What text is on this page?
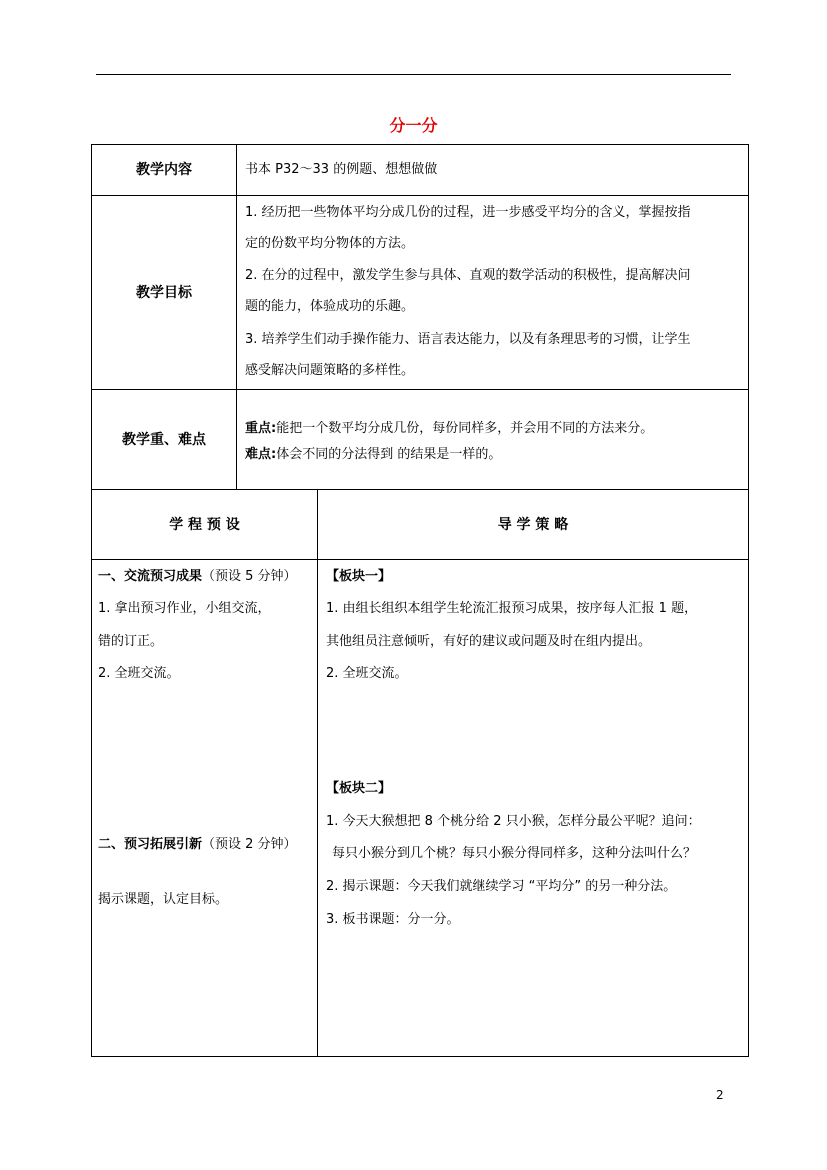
分一分
教学内容	书本 P32～33 的例题、想想做做
教学目标
1. 经历把一些物体平均分成几份的过程，进一步感受平均分的含义，掌握按指
定的份数平均分物体的方法。
2. 在分的过程中，激发学生参与具体、直观的数学活动的积极性，提高解决问
题的能力，体验成功的乐趣。
3. 培养学生们动手操作能力、语言表达能力，以及有条理思考的习惯，让学生
感受解决问题策略的多样性。
教学重、难点
重点:能把一个数平均分成几份，每份同样多，并会用不同的方法来分。
难点:体会不同的分法得到 的结果是一样的。
学 程 预 设	导 学 策 略
一、交流预习成果（预设 5 分钟）
1. 拿出预习作业，小组交流，
错的订正。
2. 全班交流。
二、预习拓展引新（预设 2 分钟）
揭示课题，认定目标。
【板块一】
1. 由组长组织本组学生轮流汇报预习成果，按序每人汇报 1 题，
其他组员注意倾听，有好的建议或问题及时在组内提出。
2. 全班交流。
【板块二】
1. 今天大猴想把 8 个桃分给 2 只小猴，怎样分最公平呢？追问：
每只小猴分到几个桃？每只小猴分得同样多，这种分法叫什么？
2. 揭示课题：今天我们就继续学习 “平均分” 的另一种分法。
3. 板书课题：分一分。
2
